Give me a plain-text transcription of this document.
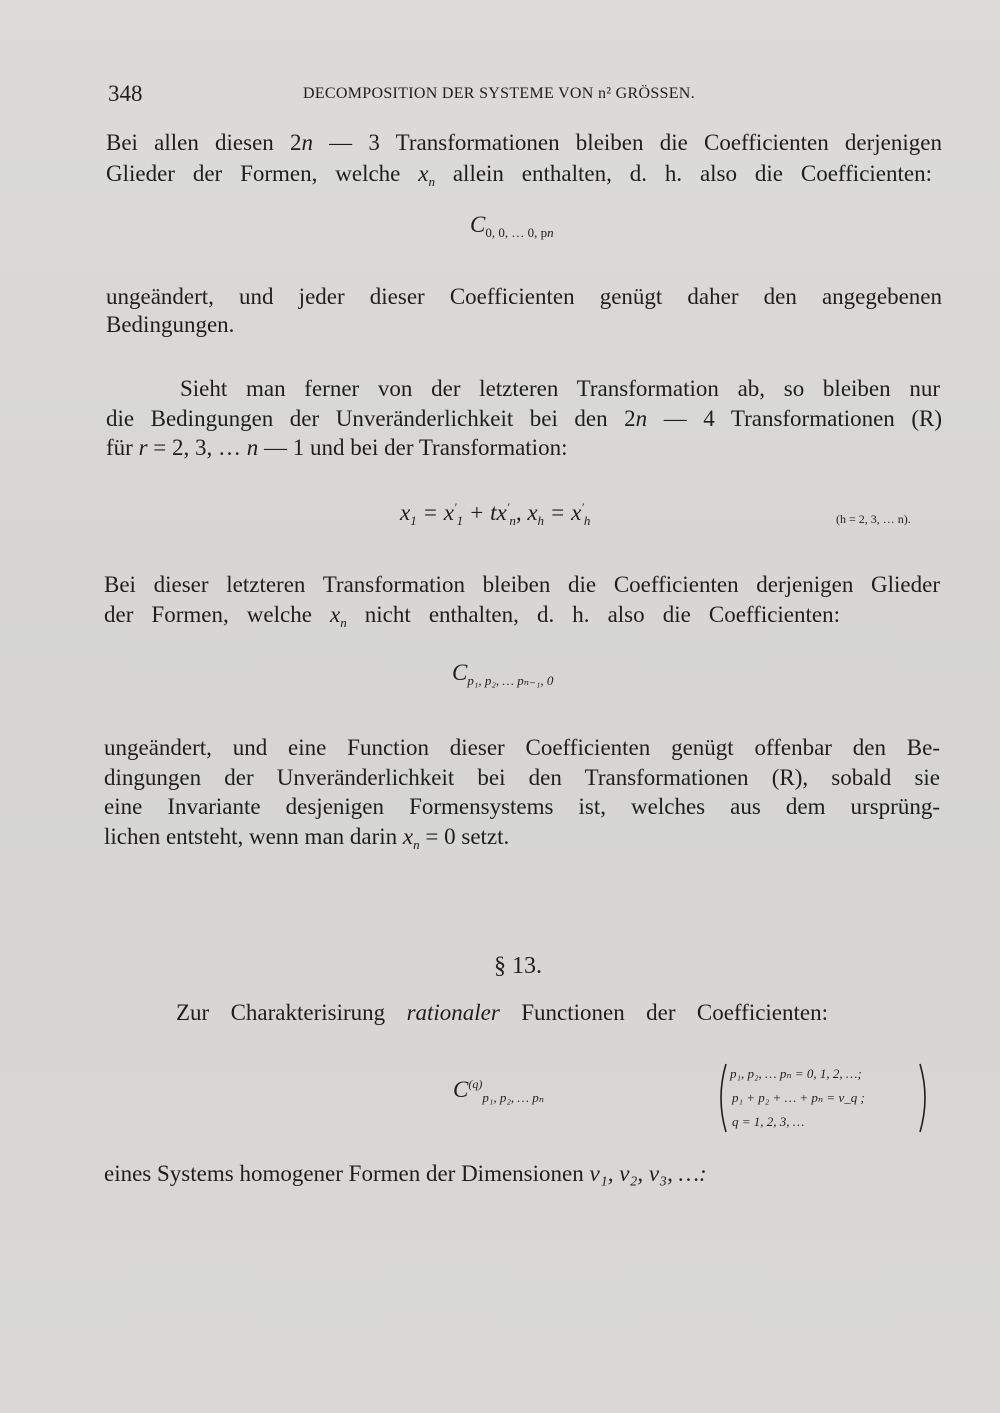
348	DECOMPOSITION DER SYSTEME VON n² GRÖSSEN.
Bei allen diesen 2n — 3 Transformationen bleiben die Coefficienten derjenigen
Glieder der Formen, welche $x_n$ allein enthalten, d. h. also die Coefficienten:
$C_{0, 0, \dots 0, pn}$
ungeändert, und jeder dieser Coefficienten genügt daher den angegebenen
Bedingungen.
Sieht man ferner von der letzteren Transformation ab, so bleiben nur
die Bedingungen der Unveränderlichkeit bei den 2n — 4 Transformationen (R)
für r = 2, 3, … n — 1 und bei der Transformation:
$x_1 = x'_1 + tx'_n$, $x_h = x'_h$	(h = 2, 3, … n).
Bei dieser letzteren Transformation bleiben die Coefficienten derjenigen Glieder
der Formen, welche $x_n$ nicht enthalten, d. h. also die Coefficienten:
$C_{p_1, p_2, \dots p_{n-1}, 0}$
ungeändert, und eine Function dieser Coefficienten genügt offenbar den Be-
dingungen der Unveränderlichkeit bei den Transformationen (R), sobald sie
eine Invariante desjenigen Formensystems ist, welches aus dem ursprüng-
lichen entsteht, wenn man darin $x_n = 0$ setzt.
§ 13.
Zur Charakterisirung rationaler Functionen der Coefficienten:
$C^{(q)}_{p_1, p_2, \dots p_n}$
p₁, p₂, … pₙ = 0, 1, 2, …;
p₁ + p₂ + … + pₙ = v_q ;
q = 1, 2, 3, …
eines Systems homogener Formen der Dimensionen v₁, v₂, v₃, …:
